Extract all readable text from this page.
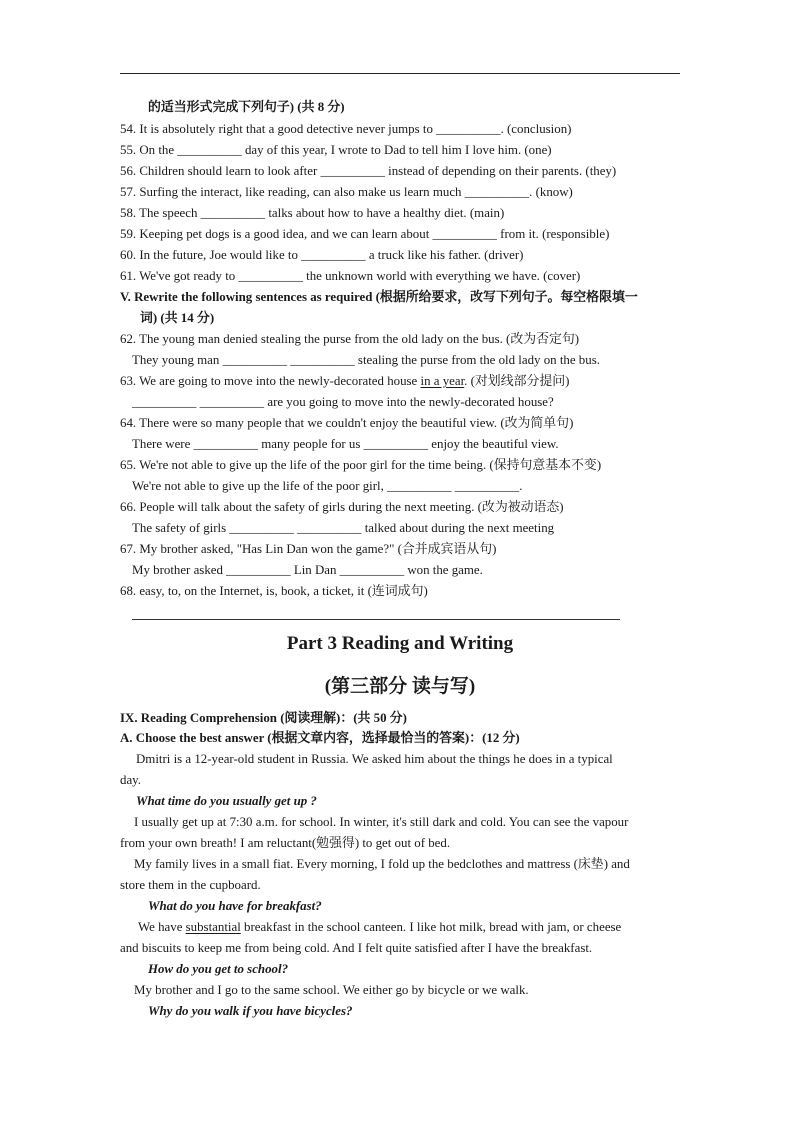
的适当形式完成下列句子) (共 8 分)
54. It is absolutely right that a good detective never jumps to __________. (conclusion)
55. On the __________ day of this year, I wrote to Dad to tell him I love him. (one)
56. Children should learn to look after __________ instead of depending on their parents. (they)
57. Surfing the interact, like reading, can also make us learn much __________. (know)
58. The speech __________ talks about how to have a healthy diet. (main)
59. Keeping pet dogs is a good idea, and we can learn about __________ from it. (responsible)
60. In the future, Joe would like to __________ a truck like his father. (driver)
61. We've got ready to __________ the unknown world with everything we have. (cover)
V. Rewrite the following sentences as required (根据所给要求，改写下列句子。每空格限填一
词) (共 14 分)
62. The young man denied stealing the purse from the old lady on the bus. (改为否定句)
They young man __________ __________ stealing the purse from the old lady on the bus.
63. We are going to move into the newly-decorated house in a year. (对划线部分提问)
__________ __________ are you going to move into the newly-decorated house?
64. There were so many people that we couldn't enjoy the beautiful view. (改为简单句)
There were __________ many people for us __________ enjoy the beautiful view.
65. We're not able to give up the life of the poor girl for the time being. (保持句意基本不变)
We're not able to give up the life of the poor girl, __________ __________.
66. People will talk about the safety of girls during the next meeting. (改为被动语态)
The safety of girls __________ __________ talked about during the next meeting
67. My brother asked, "Has Lin Dan won the game?" (合并成宾语从句)
My brother asked __________ Lin Dan __________ won the game.
68. easy, to, on the Internet, is, book, a ticket, it (连词成句)
Part 3 Reading and Writing
(第三部分 读与写)
IX. Reading Comprehension (阅读理解)：(共 50 分)
A. Choose the best answer (根据文章内容，选择最恰当的答案)：(12 分)
Dmitri is a 12-year-old student in Russia. We asked him about the things he does in a typical
day.
What time do you usually get up ?
I usually get up at 7:30 a.m. for school. In winter, it's still dark and cold. You can see the vapour
from your own breath! I am reluctant(勉强得) to get out of bed.
My family lives in a small fiat. Every morning, I fold up the bedclothes and mattress (床垫) and
store them in the cupboard.
What do you have for breakfast?
We have substantial breakfast in the school canteen. I like hot milk, bread with jam, or cheese
and biscuits to keep me from being cold. And I felt quite satisfied after I have the breakfast.
How do you get to school?
My brother and I go to the same school. We either go by bicycle or we walk.
Why do you walk if you have bicycles?
